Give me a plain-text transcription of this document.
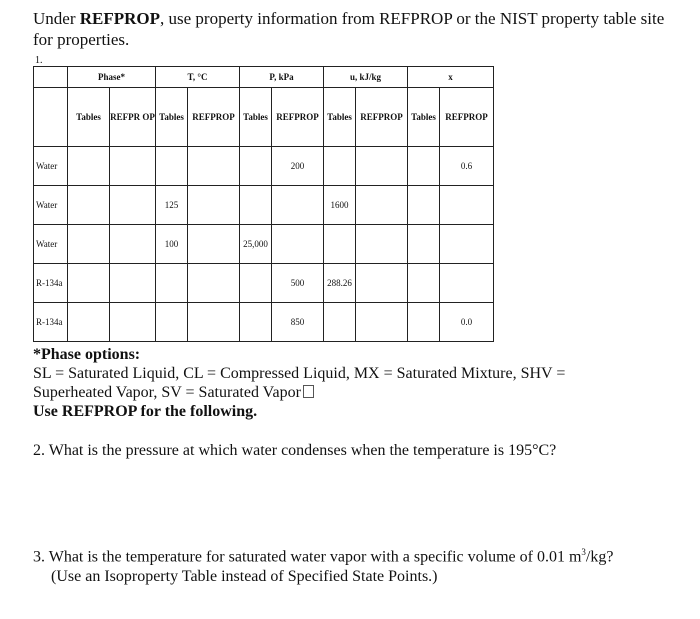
Under REFPROP, use property information from REFPROP or the NIST property table site for properties.
1.
	Phase*		T, °C		P, kPa		u, kJ/kg		x	
	Tables	REFPR OP	Tables	REFPROP	Tables	REFPROP	Tables	REFPROP	Tables	REFPROP
Water						200				0.6
Water			125				1600			
Water			100		25,000					
R-134a						500	288.26			
R-134a						850				0.0
*Phase options:
SL = Saturated Liquid, CL = Compressed Liquid, MX = Saturated Mixture, SHV =
Superheated Vapor, SV = Saturated Vapor
Use REFPROP for the following.
2. What is the pressure at which water condenses when the temperature is 195°C?
3. What is the temperature for saturated water vapor with a specific volume of 0.01 $m^3/kg$?
(Use an Isoproperty Table instead of Specified State Points.)
